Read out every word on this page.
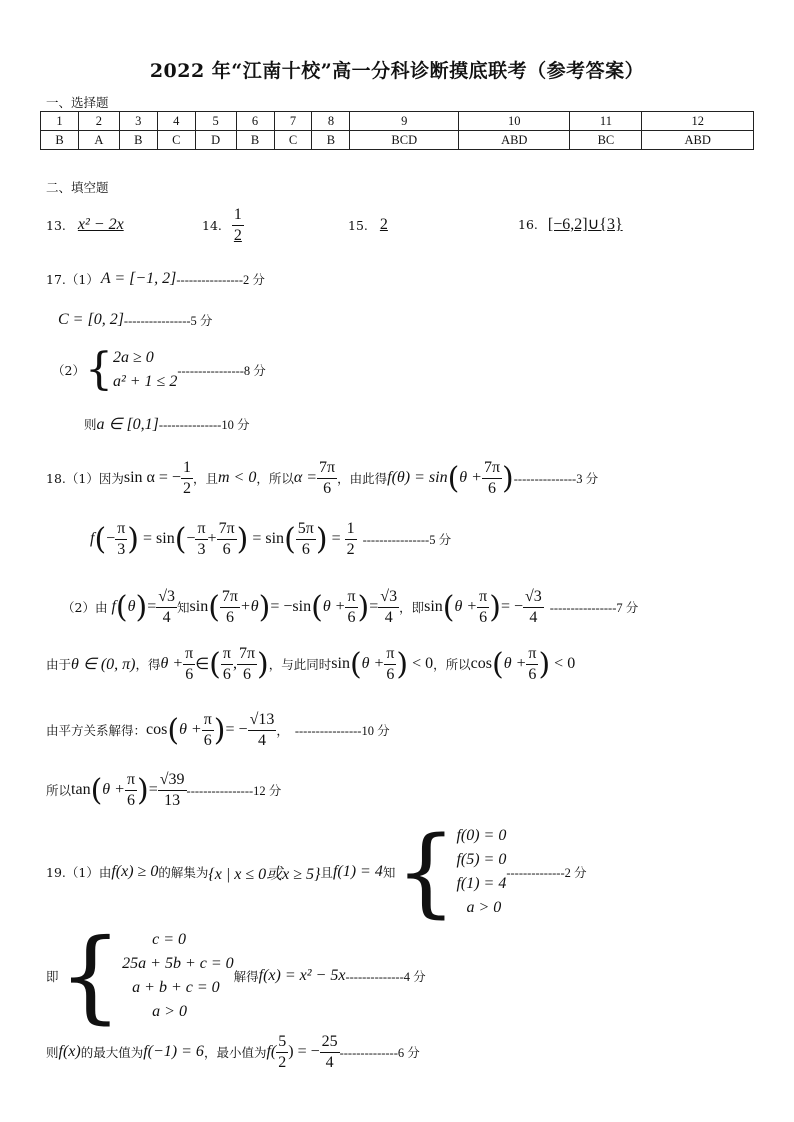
2022 年“江南十校”高一分科诊断摸底联考（参考答案）
一、选择题
1	2	3	4	5	6	7	8	9	10	11	12
B	A	B	C	D	B	C	B	BCD	ABD	BC	ABD
二、填空题
13. x² − 2x	14. $\frac{1}{2}$	15. 2	16. [−6,2]∪{3}
17. （1） A = [−1, 2] ----------------2 分
C = [0, 2] ----------------5 分
（2） { 2a ≥ 0
a² + 1 ≤ 2
----------------8 分
则 a ∈ [0,1] ---------------10 分
18.（1）因为 sin α = − $\frac{1}{2}$ ，且 m < 0 ，所以 $\alpha = \frac{7\pi}{6}$ ，由此得 f(θ) = sin ( $\theta + \frac{7\pi}{6}$ ) ---------------3 分
f ( − $\frac{\pi}{3}$ ) = sin ( − $\frac{\pi}{3} + \frac{7\pi}{6}$ ) = sin ( $\frac{5\pi}{6}$ ) = $\frac{1}{2} ----------------5$ 分
（2）由 f ( θ ) = $\frac{√3}{4}$ 知 sin ( $\frac{7\pi}{6} +\theta$ ) = −sin ( $\theta + \frac{\pi}{6}$ ) = $\frac{√3}{4}$ ，即 sin ( $\theta + \frac{\pi}{6}$ ) = − $\frac{√3}{4} ----------------7$ 分
由于 θ ∈ (0, π) ，得 $\theta + \frac{\pi}{6}$ ∈ ( $\frac{\pi}{6}$ , $\frac{7\pi}{6}$ ) ，与此同时 sin ( $\theta + \frac{\pi}{6}$ ) < 0 ，所以 cos ( $\theta + \frac{\pi}{6}$ ) < 0
由平方关系解得： cos ( $\theta + \frac{\pi}{6}$ ) = − $\frac{√13}{4}$ ， ----------------10 分
所以 tan ( $\theta + \frac{\pi}{6}$ ) = $\frac{√39}{13} ----------------12$ 分
19.（1）由 f(x) ≥ 0 的解集为 {x | x ≤ 0或x ≥ 5} 且 f(1) = 4 知 { f(0) = 0
f(5) = 0
f(1) = 4
a > 0
--------------2 分
即 {	c = 0
25a + 5b + c = 0
a + b + c = 0
a > 0
解得 f(x) = x² − 5x --------------4 分
则 f(x) 的最大值为 f(−1) = 6 ，最小值为 $f( \frac{5}{2}$ ) = − $\frac{25}{4} --------------6$ 分
